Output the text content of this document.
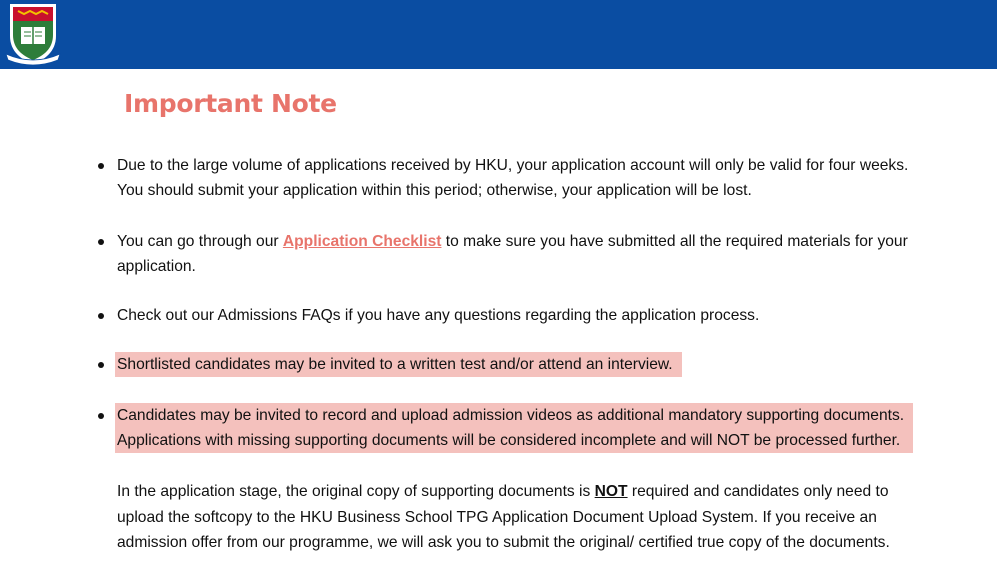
Important Note
Due to the large volume of applications received by HKU, your application account will only be valid for four weeks.
You should submit your application within this period; otherwise, your application will be lost.
You can go through our Application Checklist to make sure you have submitted all the required materials for your
application.
Check out our Admissions FAQs if you have any questions regarding the application process.
Shortlisted candidates may be invited to a written test and/or attend an interview.
Candidates may be invited to record and upload admission videos as additional mandatory supporting documents.
Applications with missing supporting documents will be considered incomplete and will NOT be processed further.
In the application stage, the original copy of supporting documents is NOT required and candidates only need to
upload the softcopy to the HKU Business School TPG Application Document Upload System. If you receive an
admission offer from our programme, we will ask you to submit the original/ certified true copy of the documents.
